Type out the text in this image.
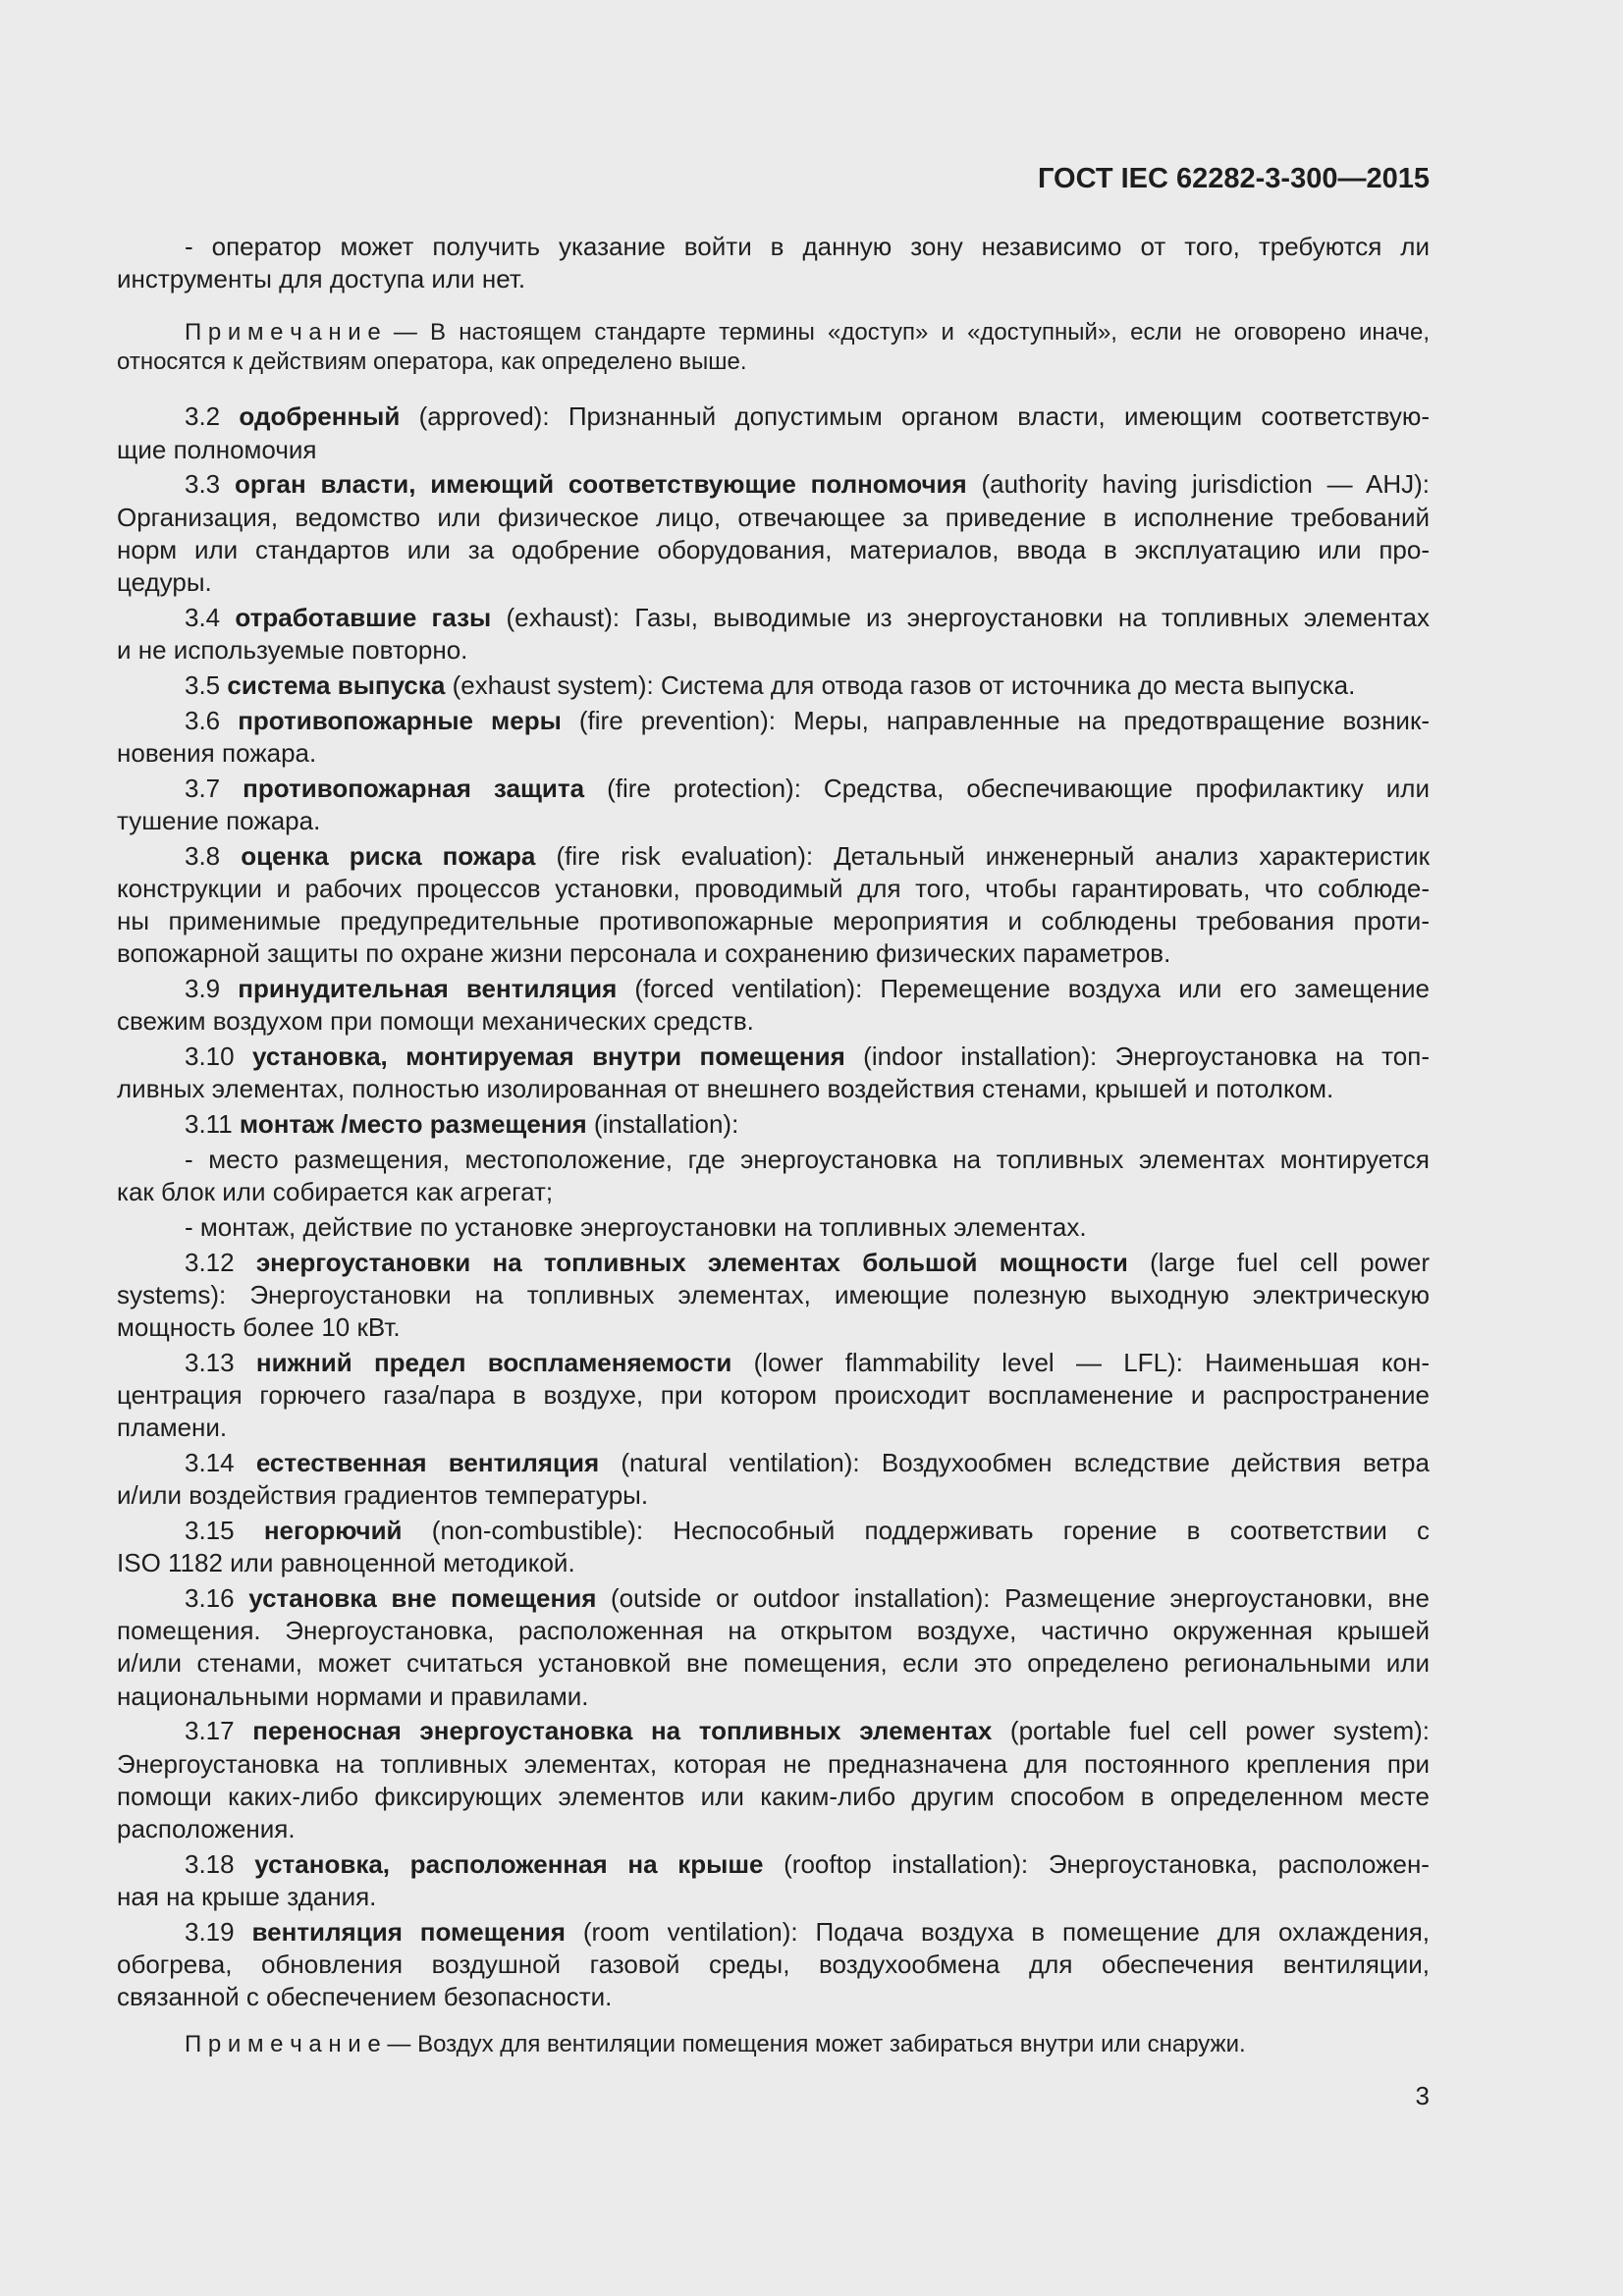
ГОСТ IEC 62282-3-300—2015
- оператор может получить указание войти в данную зону независимо от того, требуются ли
инструменты для доступа или нет.
П р и м е ч а н и е — В настоящем стандарте термины «доступ» и «доступный», если не оговорено иначе,
относятся к действиям оператора, как определено выше.
3.2 одобренный (approved): Признанный допустимым органом власти, имеющим соответствую-
щие полномочия
3.3 орган власти, имеющий соответствующие полномочия (authority having jurisdiction — AHJ):
Организация, ведомство или физическое лицо, отвечающее за приведение в исполнение требований
норм или стандартов или за одобрение оборудования, материалов, ввода в эксплуатацию или про-
цедуры.
3.4 отработавшие газы (exhaust): Газы, выводимые из энергоустановки на топливных элементах
и не используемые повторно.
3.5 система выпуска (exhaust system): Система для отвода газов от источника до места выпуска.
3.6 противопожарные меры (fire prevention): Меры, направленные на предотвращение возник-
новения пожара.
3.7 противопожарная защита (fire protection): Средства, обеспечивающие профилактику или
тушение пожара.
3.8 оценка риска пожара (fire risk evaluation): Детальный инженерный анализ характеристик
конструкции и рабочих процессов установки, проводимый для того, чтобы гарантировать, что соблюде-
ны применимые предупредительные противопожарные мероприятия и соблюдены требования проти-
вопожарной защиты по охране жизни персонала и сохранению физических параметров.
3.9 принудительная вентиляция (forced ventilation): Перемещение воздуха или его замещение
свежим воздухом при помощи механических средств.
3.10 установка, монтируемая внутри помещения (indoor installation): Энергоустановка на топ-
ливных элементах, полностью изолированная от внешнего воздействия стенами, крышей и потолком.
3.11 монтаж /место размещения (installation):
- место размещения, местоположение, где энергоустановка на топливных элементах монтируется
как блок или собирается как агрегат;
- монтаж, действие по установке энергоустановки на топливных элементах.
3.12 энергоустановки на топливных элементах большой мощности (large fuel cell power
systems): Энергоустановки на топливных элементах, имеющие полезную выходную электрическую
мощность более 10 кВт.
3.13 нижний предел воспламеняемости (lower flammability level — LFL): Наименьшая кон-
центрация горючего газа/пара в воздухе, при котором происходит воспламенение и распространение
пламени.
3.14 естественная вентиляция (natural ventilation): Воздухообмен вследствие действия ветра
и/или воздействия градиентов температуры.
3.15 негорючий (non-combustible): Неспособный поддерживать горение в соответствии с
ISO 1182 или равноценной методикой.
3.16 установка вне помещения (outside or outdoor installation): Размещение энергоустановки, вне
помещения. Энергоустановка, расположенная на открытом воздухе, частично окруженная крышей
и/или стенами, может считаться установкой вне помещения, если это определено региональными или
национальными нормами и правилами.
3.17 переносная энергоустановка на топливных элементах (portable fuel cell power system):
Энергоустановка на топливных элементах, которая не предназначена для постоянного крепления при
помощи каких-либо фиксирующих элементов или каким-либо другим способом в определенном месте
расположения.
3.18 установка, расположенная на крыше (rooftop installation): Энергоустановка, расположен-
ная на крыше здания.
3.19 вентиляция помещения (room ventilation): Подача воздуха в помещение для охлаждения,
обогрева, обновления воздушной газовой среды, воздухообмена для обеспечения вентиляции,
связанной с обеспечением безопасности.
П р и м е ч а н и е — Воздух для вентиляции помещения может забираться внутри или снаружи.
3
